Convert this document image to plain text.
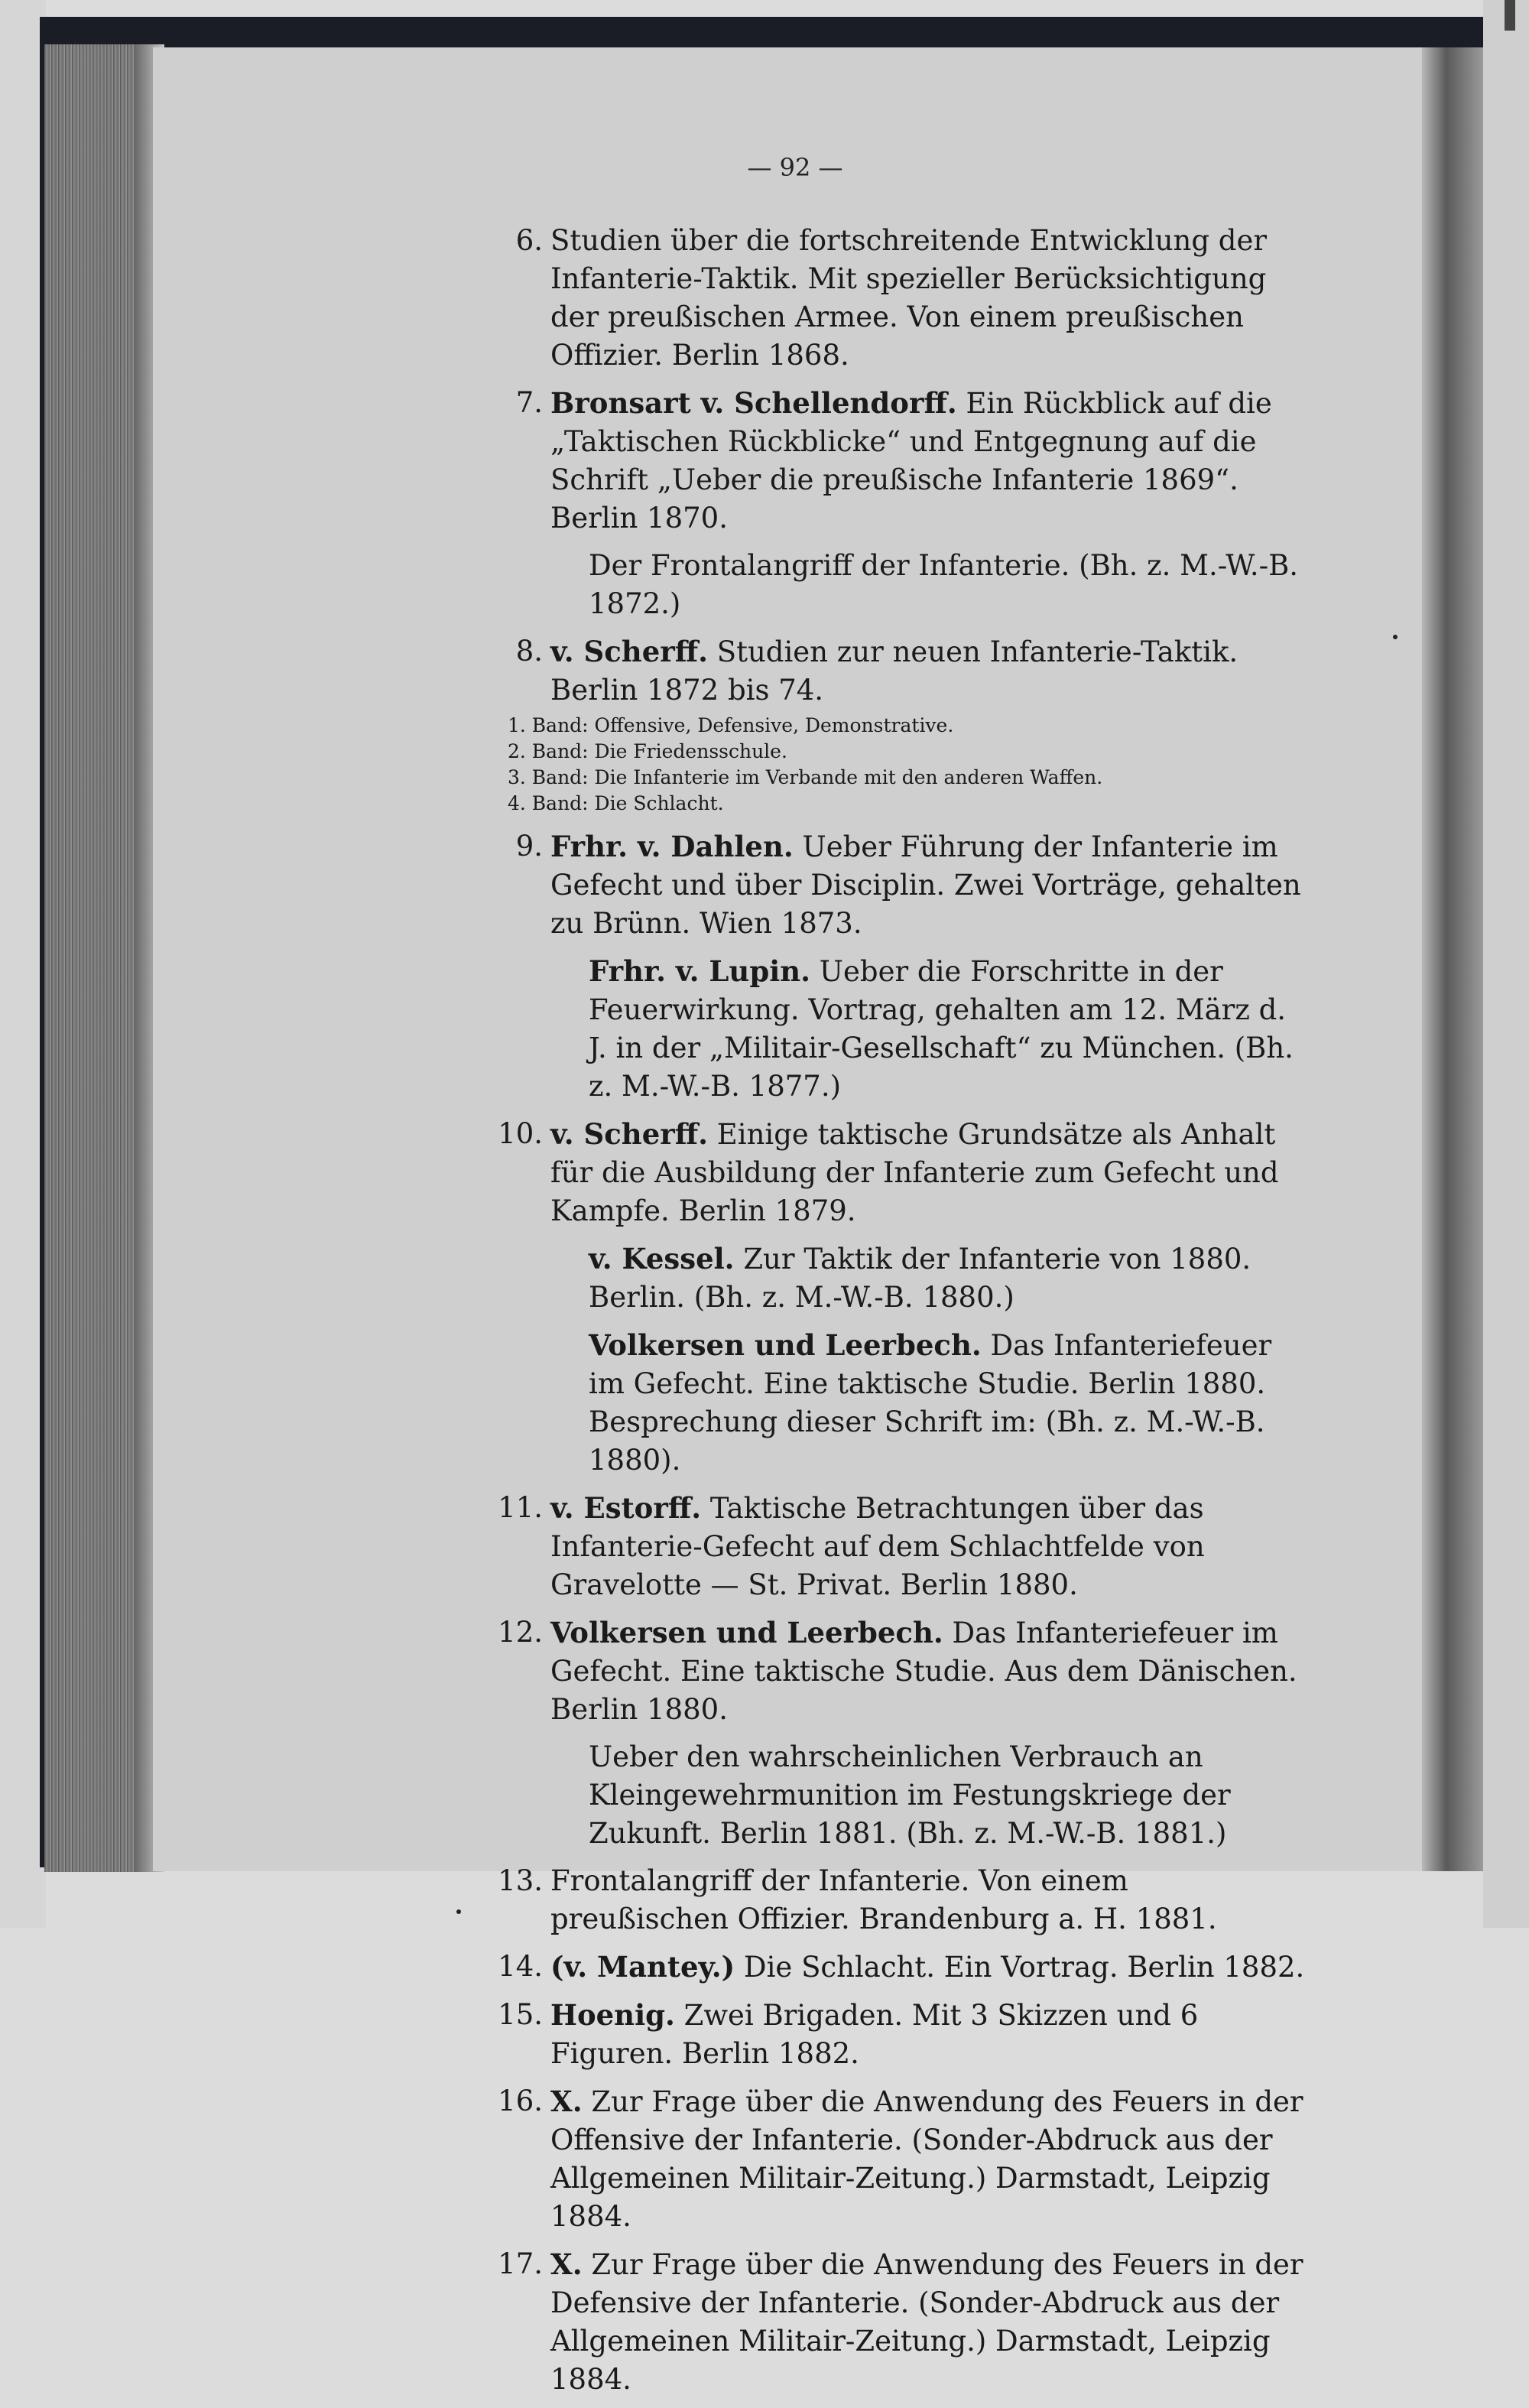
— 92 —
6. Studien über die fortschreitende Entwicklung der Infanterie-Taktik. Mit spezieller Berücksichtigung der preußischen Armee. Von einem preußischen Offizier. Berlin 1868.
7. Bronsart v. Schellendorff. Ein Rückblick auf die „Taktischen Rückblicke“ und Entgegnung auf die Schrift „Ueber die preußische Infanterie 1869“. Berlin 1870.
Der Frontalangriff der Infanterie. (Bh. z. M.-W.-B. 1872.)
8. v. Scherff. Studien zur neuen Infanterie-Taktik. Berlin 1872 bis 74.
1. Band: Offensive, Defensive, Demonstrative.
2. Band: Die Friedensschule.
3. Band: Die Infanterie im Verbande mit den anderen Waffen.
4. Band: Die Schlacht.
9. Frhr. v. Dahlen. Ueber Führung der Infanterie im Gefecht und über Disciplin. Zwei Vorträge, gehalten zu Brünn. Wien 1873.
Frhr. v. Lupin. Ueber die Forschritte in der Feuerwirkung. Vortrag, gehalten am 12. März d. J. in der „Militair-Gesellschaft“ zu München. (Bh. z. M.-W.-B. 1877.)
10. v. Scherff. Einige taktische Grundsätze als Anhalt für die Ausbildung der Infanterie zum Gefecht und Kampfe. Berlin 1879.
v. Kessel. Zur Taktik der Infanterie von 1880. Berlin. (Bh. z. M.-W.-B. 1880.)
Volkersen und Leerbech. Das Infanteriefeuer im Gefecht. Eine taktische Studie. Berlin 1880. Besprechung dieser Schrift im: (Bh. z. M.-W.-B. 1880).
11. v. Estorff. Taktische Betrachtungen über das Infanterie-Gefecht auf dem Schlachtfelde von Gravelotte — St. Privat. Berlin 1880.
12. Volkersen und Leerbech. Das Infanteriefeuer im Gefecht. Eine taktische Studie. Aus dem Dänischen. Berlin 1880.
Ueber den wahrscheinlichen Verbrauch an Kleingewehrmunition im Festungskriege der Zukunft. Berlin 1881. (Bh. z. M.-W.-B. 1881.)
13. Frontalangriff der Infanterie. Von einem preußischen Offizier. Brandenburg a. H. 1881.
14. (v. Mantey.) Die Schlacht. Ein Vortrag. Berlin 1882.
15. Hoenig. Zwei Brigaden. Mit 3 Skizzen und 6 Figuren. Berlin 1882.
16. X. Zur Frage über die Anwendung des Feuers in der Offensive der Infanterie. (Sonder-Abdruck aus der Allgemeinen Militair-Zeitung.) Darmstadt, Leipzig 1884.
17. X. Zur Frage über die Anwendung des Feuers in der Defensive der Infanterie. (Sonder-Abdruck aus der Allgemeinen Militair-Zeitung.) Darmstadt, Leipzig 1884.
